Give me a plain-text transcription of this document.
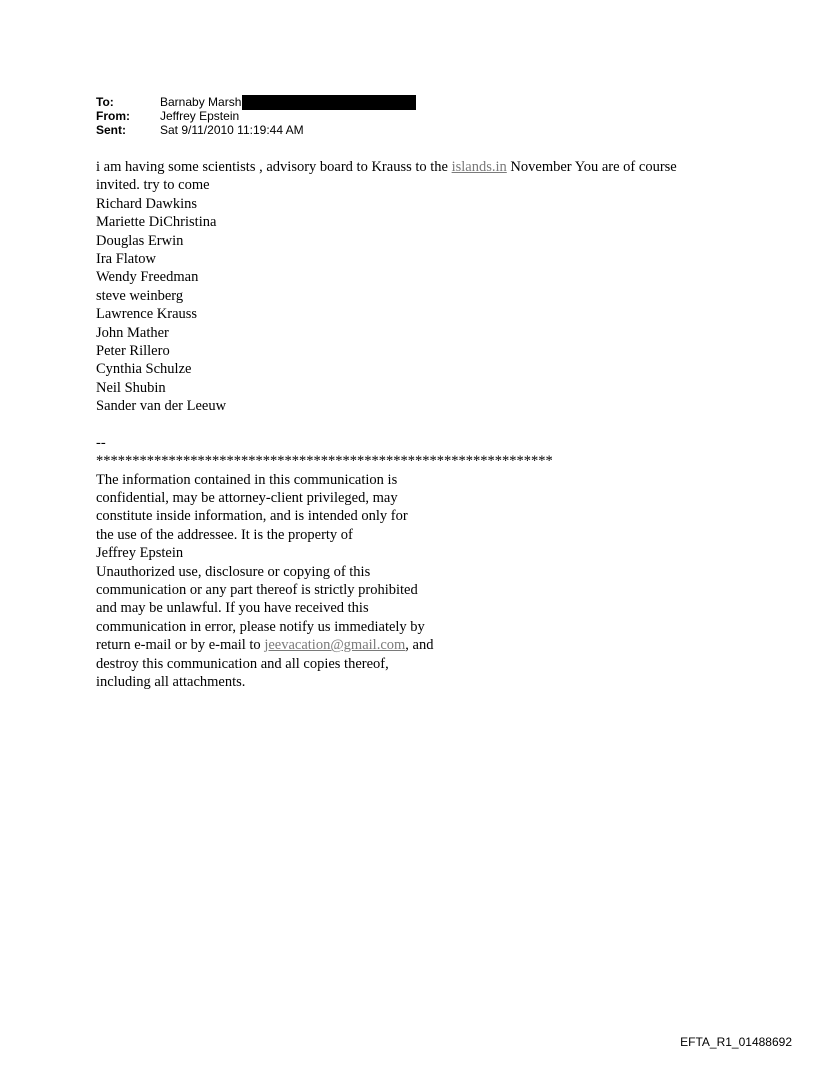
To:	Barnaby Marsh
From:	Jeffrey Epstein
Sent:	Sat 9/11/2010 11:19:44 AM
i am having some scientists , advisory board to Krauss to the islands.in November You are of course invited. try to come
Richard Dawkins
Mariette DiChristina
Douglas Erwin
Ira Flatow
Wendy Freedman
steve weinberg
Lawrence Krauss
John Mather
Peter Rillero
Cynthia Schulze
Neil Shubin
Sander van der Leeuw
--
***************************************************************
The information contained in this communication is
confidential, may be attorney-client privileged, may
constitute inside information, and is intended only for
the use of the addressee. It is the property of
Jeffrey Epstein
Unauthorized use, disclosure or copying of this
communication or any part thereof is strictly prohibited
and may be unlawful. If you have received this
communication in error, please notify us immediately by
return e-mail or by e-mail to jeevacation@gmail.com, and
destroy this communication and all copies thereof,
including all attachments.
EFTA_R1_01488692
